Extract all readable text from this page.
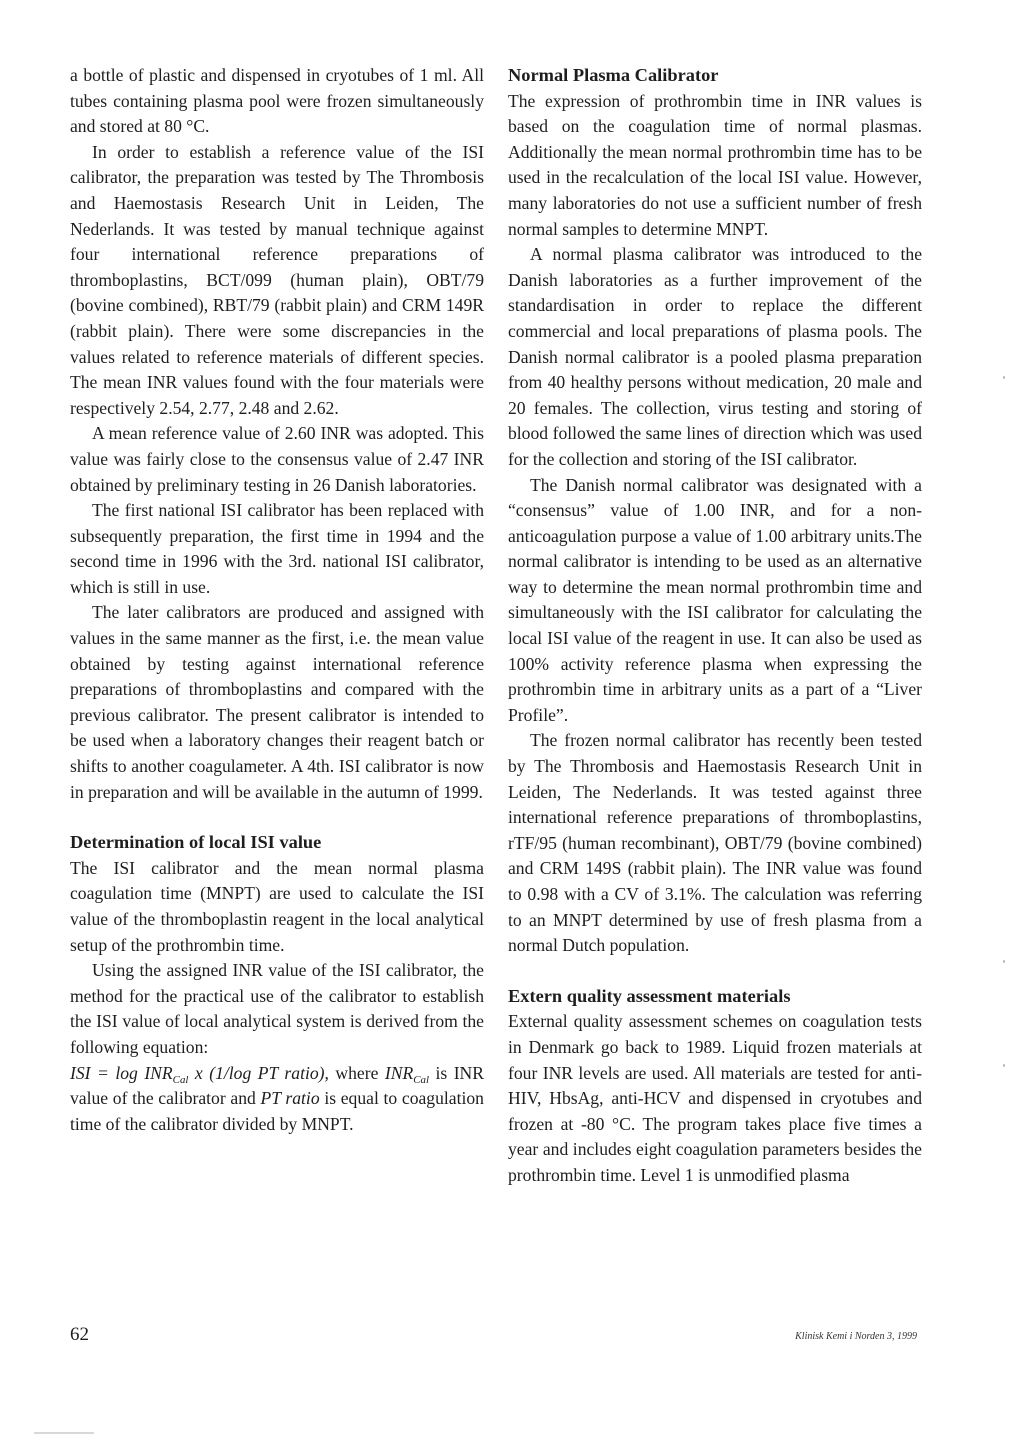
a bottle of plastic and dispensed in cryotubes of 1 ml. All tubes containing plasma pool were frozen simultaneously and stored at 80 °C.

In order to establish a reference value of the ISI calibrator, the preparation was tested by The Thrombosis and Haemostasis Research Unit in Leiden, The Nederlands. It was tested by manual technique against four international reference preparations of thromboplastins, BCT/099 (human plain), OBT/79 (bovine combined), RBT/79 (rabbit plain) and CRM 149R (rabbit plain). There were some discrepancies in the values related to reference materials of different species. The mean INR values found with the four materials were respectively 2.54, 2.77, 2.48 and 2.62.

A mean reference value of 2.60 INR was adopted. This value was fairly close to the consensus value of 2.47 INR obtained by preliminary testing in 26 Danish laboratories.

The first national ISI calibrator has been replaced with subsequently preparation, the first time in 1994 and the second time in 1996 with the 3rd. national ISI calibrator, which is still in use.

The later calibrators are produced and assigned with values in the same manner as the first, i.e. the mean value obtained by testing against international reference preparations of thromboplastins and compared with the previous calibrator. The present calibrator is intended to be used when a laboratory changes their reagent batch or shifts to another coagulameter. A 4th. ISI calibrator is now in preparation and will be available in the autumn of 1999.

Determination of local ISI value

The ISI calibrator and the mean normal plasma coagulation time (MNPT) are used to calculate the ISI value of the thromboplastin reagent in the local analytical setup of the prothrombin time.

Using the assigned INR value of the ISI calibrator, the method for the practical use of the calibrator to establish the ISI value of local analytical system is derived from the following equation:

ISI = $\log INR_{Cal}$ x (1/log PT ratio), where $INR_{Cal}$ is INR value of the calibrator and PT ratio is equal to coagulation time of the calibrator divided by MNPT.

Normal Plasma Calibrator

The expression of prothrombin time in INR values is based on the coagulation time of normal plasmas. Additionally the mean normal prothrombin time has to be used in the recalculation of the local ISI value. However, many laboratories do not use a sufficient number of fresh normal samples to determine MNPT.

A normal plasma calibrator was introduced to the Danish laboratories as a further improvement of the standardisation in order to replace the different commercial and local preparations of plasma pools. The Danish normal calibrator is a pooled plasma preparation from 40 healthy persons without medication, 20 male and 20 females. The collection, virus testing and storing of blood followed the same lines of direction which was used for the collection and storing of the ISI calibrator.

The Danish normal calibrator was designated with a “consensus” value of 1.00 INR, and for a non-anticoagulation purpose a value of 1.00 arbitrary units.The normal calibrator is intending to be used as an alternative way to determine the mean normal prothrombin time and simultaneously with the ISI calibrator for calculating the local ISI value of the reagent in use. It can also be used as 100% activity reference plasma when expressing the prothrombin time in arbitrary units as a part of a “Liver Profile”.

The frozen normal calibrator has recently been tested by The Thrombosis and Haemostasis Research Unit in Leiden, The Nederlands. It was tested against three international reference preparations of thromboplastins, rTF/95 (human recombinant), OBT/79 (bovine combined) and CRM 149S (rabbit plain). The INR value was found to 0.98 with a CV of 3.1%. The calculation was referring to an MNPT determined by use of fresh plasma from a normal Dutch population.

Extern quality assessment materials

External quality assessment schemes on coagulation tests in Denmark go back to 1989. Liquid frozen materials at four INR levels are used. All materials are tested for anti-HIV, HbsAg, anti-HCV and dispensed in cryotubes and frozen at -80 °C. The program takes place five times a year and includes eight coagulation parameters besides the prothrombin time. Level 1 is unmodified plasma

62	Klinisk Kemi i Norden 3, 1999
